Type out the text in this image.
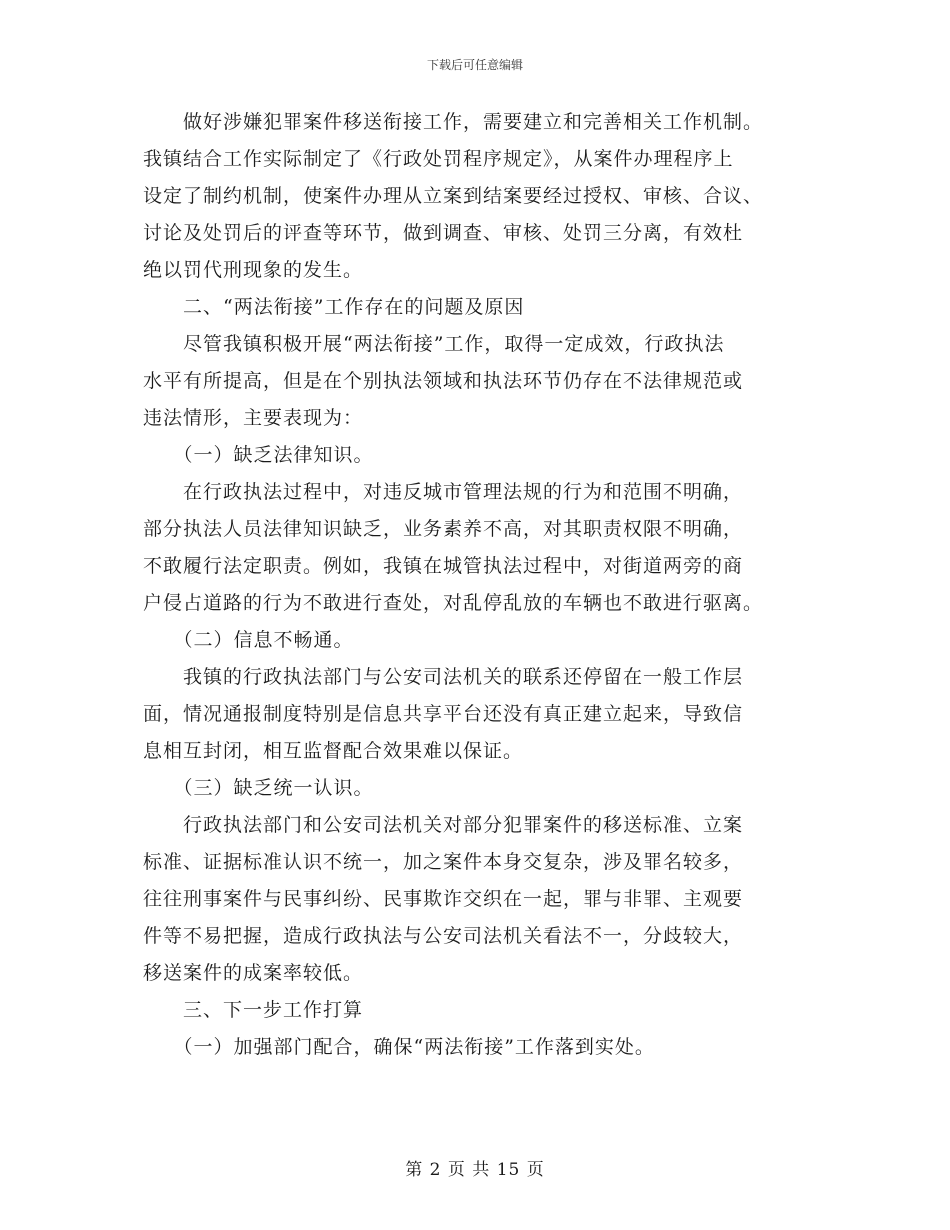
下载后可任意编辑

　　做好涉嫌犯罪案件移送衔接工作，需要建立和完善相关工作机制。

我镇结合工作实际制定了《行政处罚程序规定》，从案件办理程序上

设定了制约机制，使案件办理从立案到结案要经过授权、审核、合议、

讨论及处罚后的评查等环节，做到调查、审核、处罚三分离，有效杜

绝以罚代刑现象的发生。

　　二、“两法衔接”工作存在的问题及原因

　　尽管我镇积极开展“两法衔接”工作，取得一定成效，行政执法

水平有所提高，但是在个别执法领域和执法环节仍存在不法律规范或

违法情形，主要表现为：

　　（一）缺乏法律知识。

　　在行政执法过程中，对违反城市管理法规的行为和范围不明确，

部分执法人员法律知识缺乏，业务素养不高，对其职责权限不明确，

不敢履行法定职责。例如，我镇在城管执法过程中，对街道两旁的商

户侵占道路的行为不敢进行查处，对乱停乱放的车辆也不敢进行驱离。

　　（二）信息不畅通。

　　我镇的行政执法部门与公安司法机关的联系还停留在一般工作层

面，情况通报制度特别是信息共享平台还没有真正建立起来，导致信

息相互封闭，相互监督配合效果难以保证。

　　（三）缺乏统一认识。

　　行政执法部门和公安司法机关对部分犯罪案件的移送标准、立案

标准、证据标准认识不统一，加之案件本身交复杂，涉及罪名较多，

往往刑事案件与民事纠纷、民事欺诈交织在一起，罪与非罪、主观要

件等不易把握，造成行政执法与公安司法机关看法不一，分歧较大，

移送案件的成案率较低。

　　三、下一步工作打算

　　（一）加强部门配合，确保“两法衔接”工作落到实处。

第 2 页 共 15 页
